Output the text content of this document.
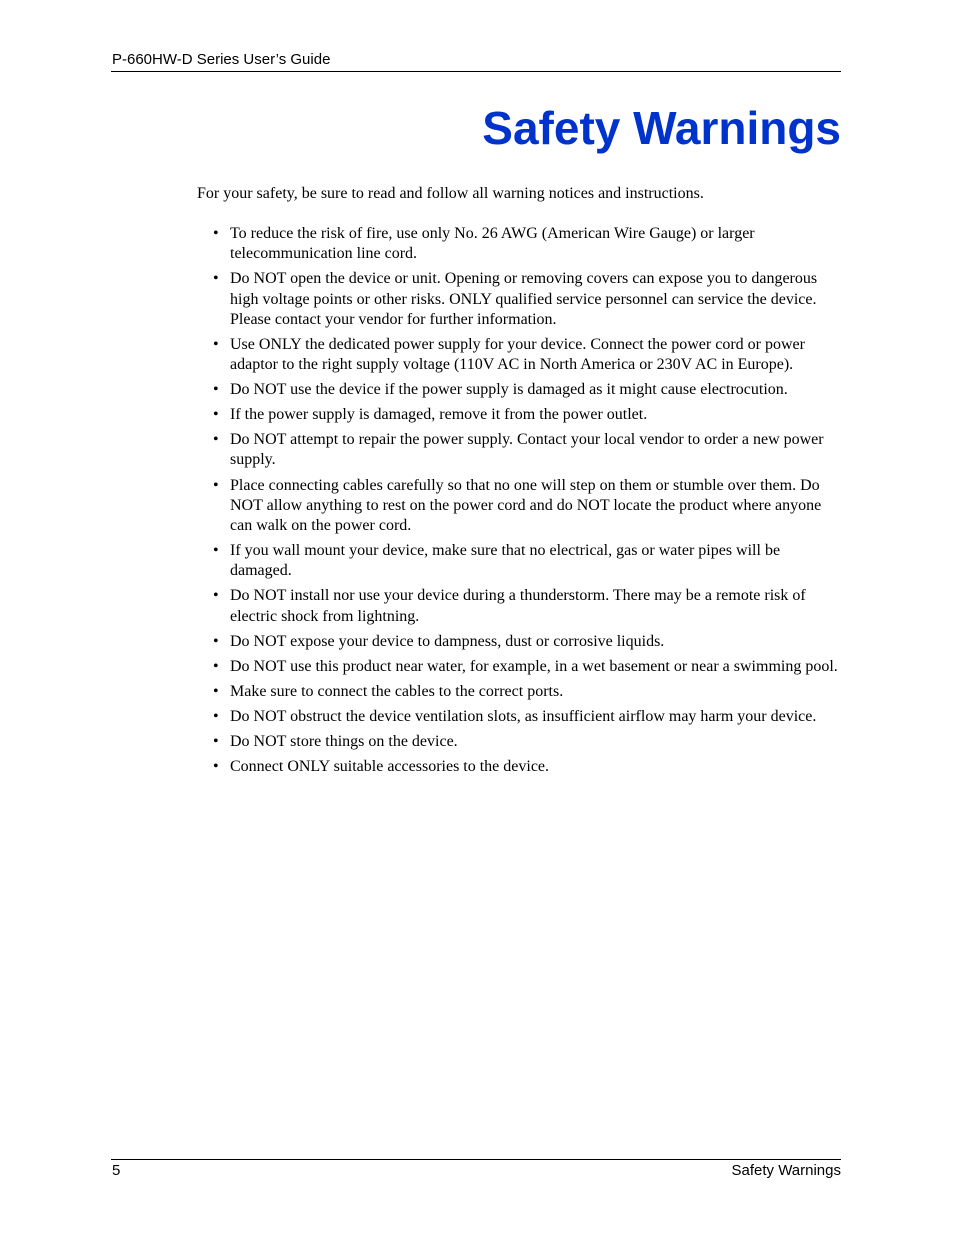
P-660HW-D Series User’s Guide
Safety Warnings
For your safety, be sure to read and follow all warning notices and instructions.
• To reduce the risk of fire, use only No. 26 AWG (American Wire Gauge) or larger telecommunication line cord.
• Do NOT open the device or unit. Opening or removing covers can expose you to dangerous high voltage points or other risks. ONLY qualified service personnel can service the device. Please contact your vendor for further information.
• Use ONLY the dedicated power supply for your device. Connect the power cord or power adaptor to the right supply voltage (110V AC in North America or 230V AC in Europe).
• Do NOT use the device if the power supply is damaged as it might cause electrocution.
• If the power supply is damaged, remove it from the power outlet.
• Do NOT attempt to repair the power supply. Contact your local vendor to order a new power supply.
• Place connecting cables carefully so that no one will step on them or stumble over them. Do NOT allow anything to rest on the power cord and do NOT locate the product where anyone can walk on the power cord.
• If you wall mount your device, make sure that no electrical, gas or water pipes will be damaged.
• Do NOT install nor use your device during a thunderstorm. There may be a remote risk of electric shock from lightning.
• Do NOT expose your device to dampness, dust or corrosive liquids.
• Do NOT use this product near water, for example, in a wet basement or near a swimming pool.
• Make sure to connect the cables to the correct ports.
• Do NOT obstruct the device ventilation slots, as insufficient airflow may harm your device.
• Do NOT store things on the device.
• Connect ONLY suitable accessories to the device.
5	Safety Warnings
